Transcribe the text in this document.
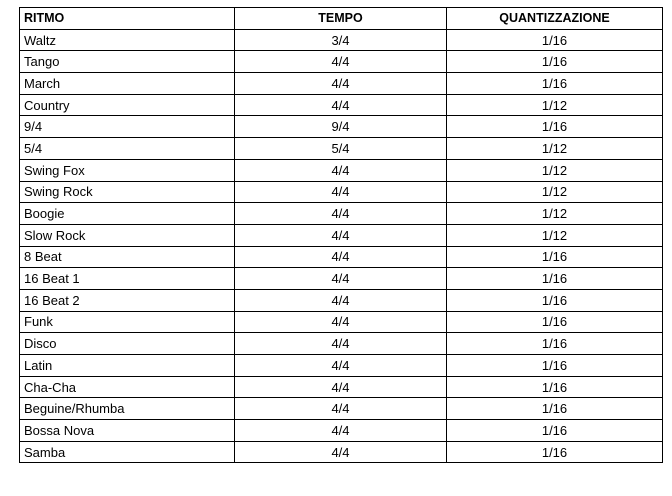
RITMO	TEMPO	QUANTIZZAZIONE
Waltz	3/4	1/16
Tango	4/4	1/16
March	4/4	1/16
Country	4/4	1/12
9/4	9/4	1/16
5/4	5/4	1/12
Swing Fox	4/4	1/12
Swing Rock	4/4	1/12
Boogie	4/4	1/12
Slow Rock	4/4	1/12
8 Beat	4/4	1/16
16 Beat 1	4/4	1/16
16 Beat 2	4/4	1/16
Funk	4/4	1/16
Disco	4/4	1/16
Latin	4/4	1/16
Cha-Cha	4/4	1/16
Beguine/Rhumba	4/4	1/16
Bossa Nova	4/4	1/16
Samba	4/4	1/16
